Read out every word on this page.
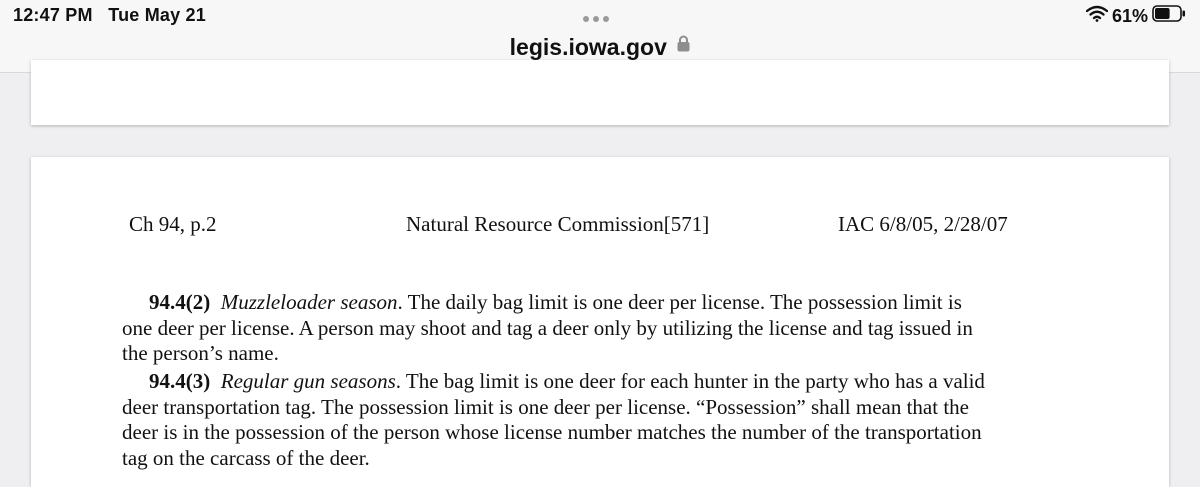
12:47 PM Tue May 21
legis.iowa.gov
61%
Ch 94, p.2	Natural Resource Commission[571]	IAC 6/8/05, 2/28/07
94.4(2) Muzzleloader season. The daily bag limit is one deer per license. The possession limit is
one deer per license. A person may shoot and tag a deer only by utilizing the license and tag issued in
the person’s name.
94.4(3) Regular gun seasons. The bag limit is one deer for each hunter in the party who has a valid
deer transportation tag. The possession limit is one deer per license. “Possession” shall mean that the
deer is in the possession of the person whose license number matches the number of the transportation
tag on the carcass of the deer.
